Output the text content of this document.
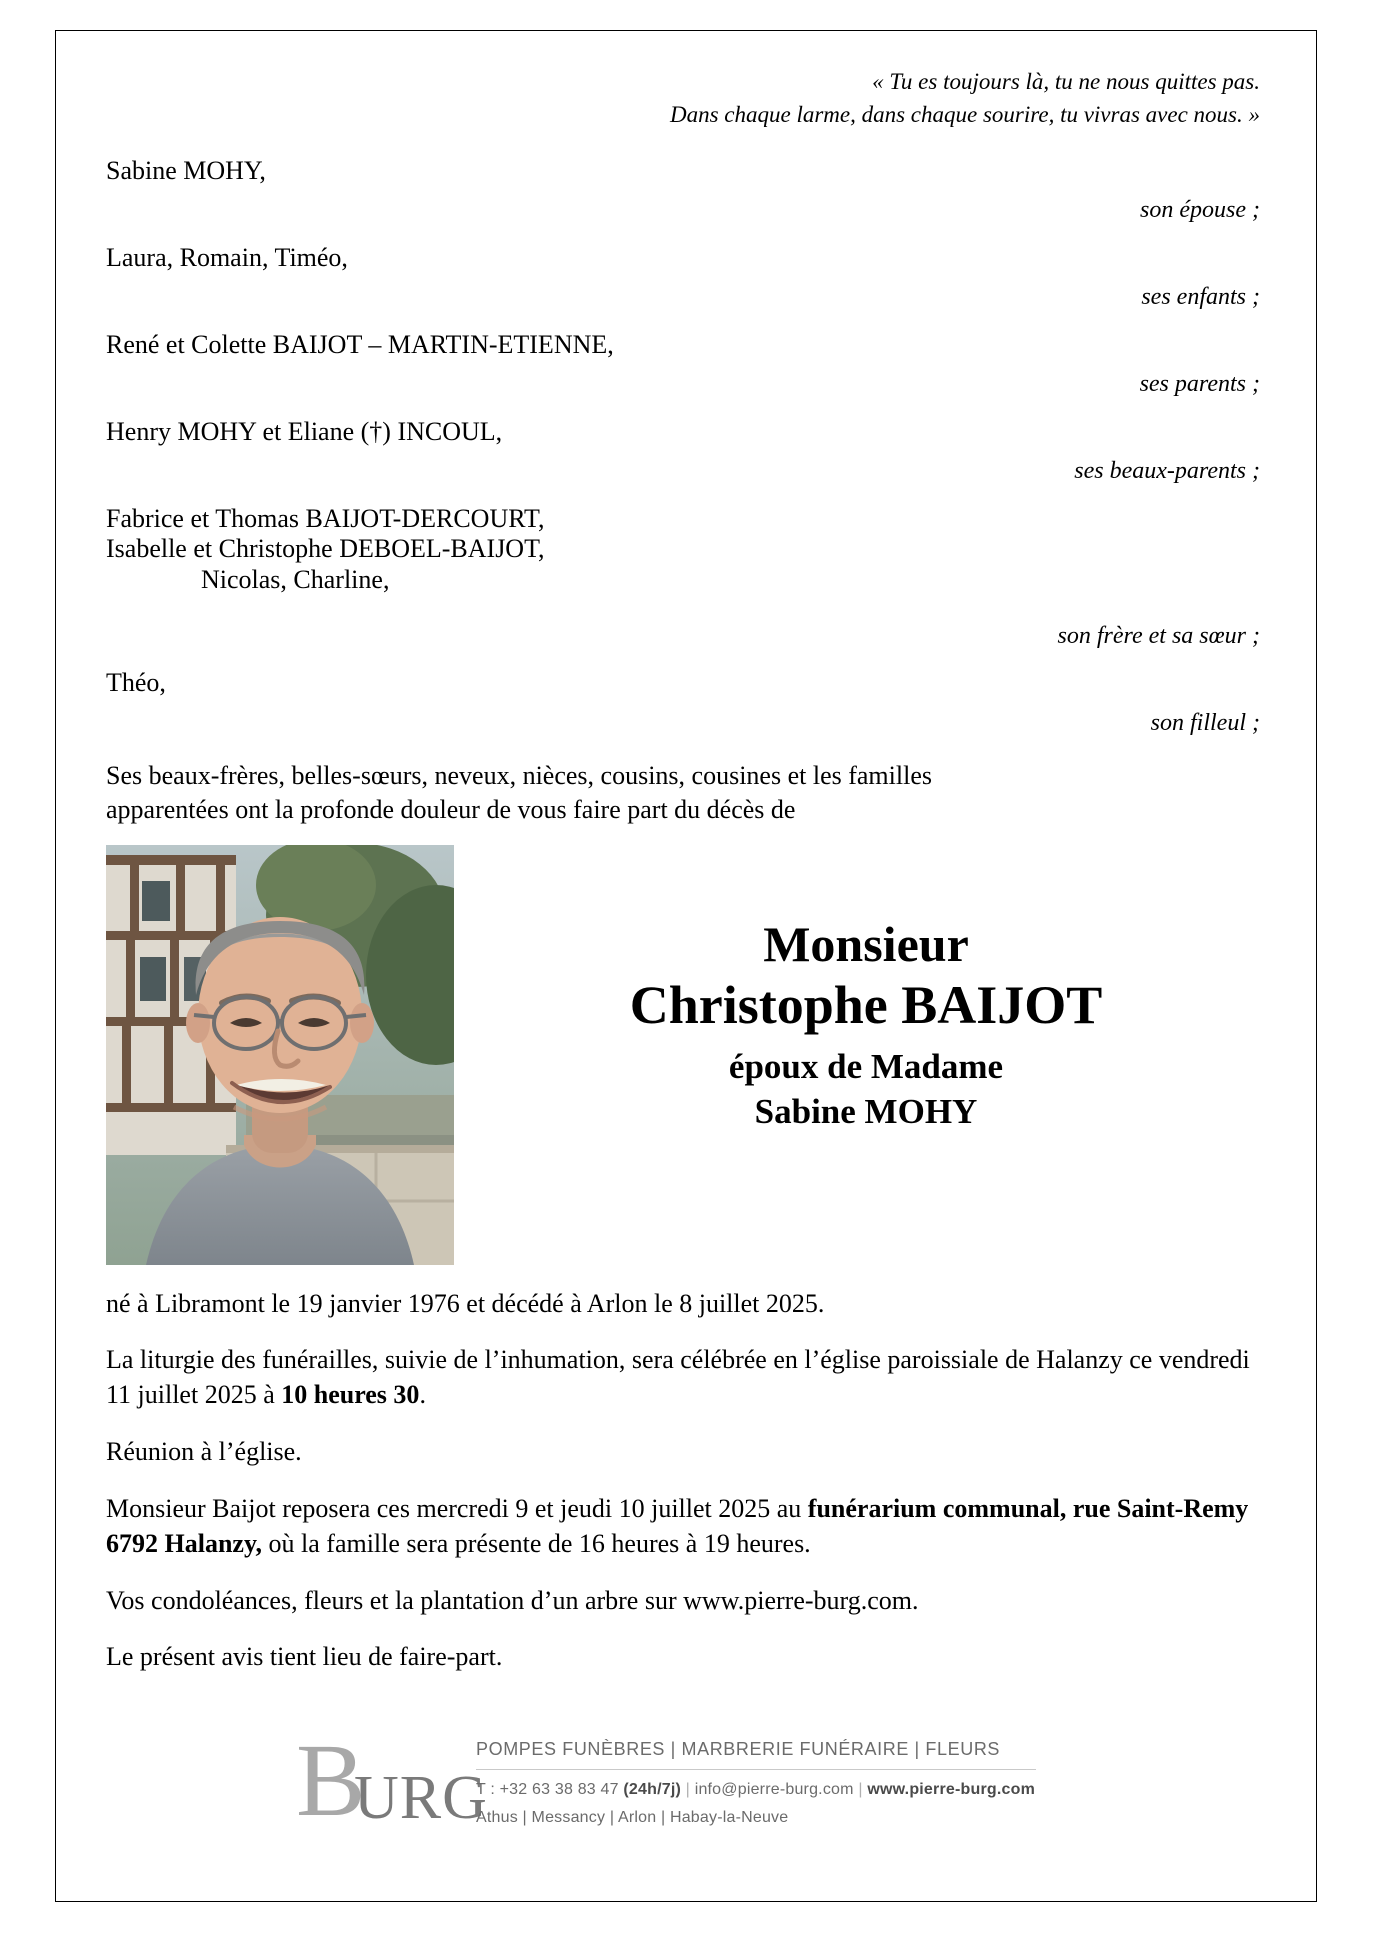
« Tu es toujours là, tu ne nous quittes pas.
Dans chaque larme, dans chaque sourire, tu vivras avec nous. »
Sabine MOHY,
son épouse ;
Laura, Romain, Timéo,
ses enfants ;
René et Colette BAIJOT – MARTIN-ETIENNE,
ses parents ;
Henry MOHY et Eliane (†) INCOUL,
ses beaux-parents ;
Fabrice et Thomas BAIJOT-DERCOURT,
Isabelle et Christophe DEBOEL-BAIJOT,
Nicolas, Charline,
son frère et sa sœur ;
Théo,
son filleul ;
Ses beaux-frères, belles-sœurs, neveux, nièces, cousins, cousines et les familles
apparentées ont la profonde douleur de vous faire part du décès de
Monsieur
Christophe BAIJOT
époux de Madame
Sabine MOHY

né à Libramont le 19 janvier 1976 et décédé à Arlon le 8 juillet 2025.

La liturgie des funérailles, suivie de l’inhumation, sera célébrée en l’église paroissiale de Halanzy ce vendredi 11 juillet 2025 à 10 heures 30.

Réunion à l’église.

Monsieur Baijot reposera ces mercredi 9 et jeudi 10 juillet 2025 au funérarium communal, rue Saint-Remy 6792 Halanzy, où la famille sera présente de 16 heures à 19 heures.

Vos condoléances, fleurs et la plantation d’un arbre sur www.pierre-burg.com.

Le présent avis tient lieu de faire-part.

B
URG
POMPES FUNÈBRES | MARBRERIE FUNÉRAIRE | FLEURS
T : +32 63 38 83 47 (24h/7j) | info@pierre-burg.com | www.pierre-burg.com
Athus | Messancy | Arlon | Habay-la-Neuve
